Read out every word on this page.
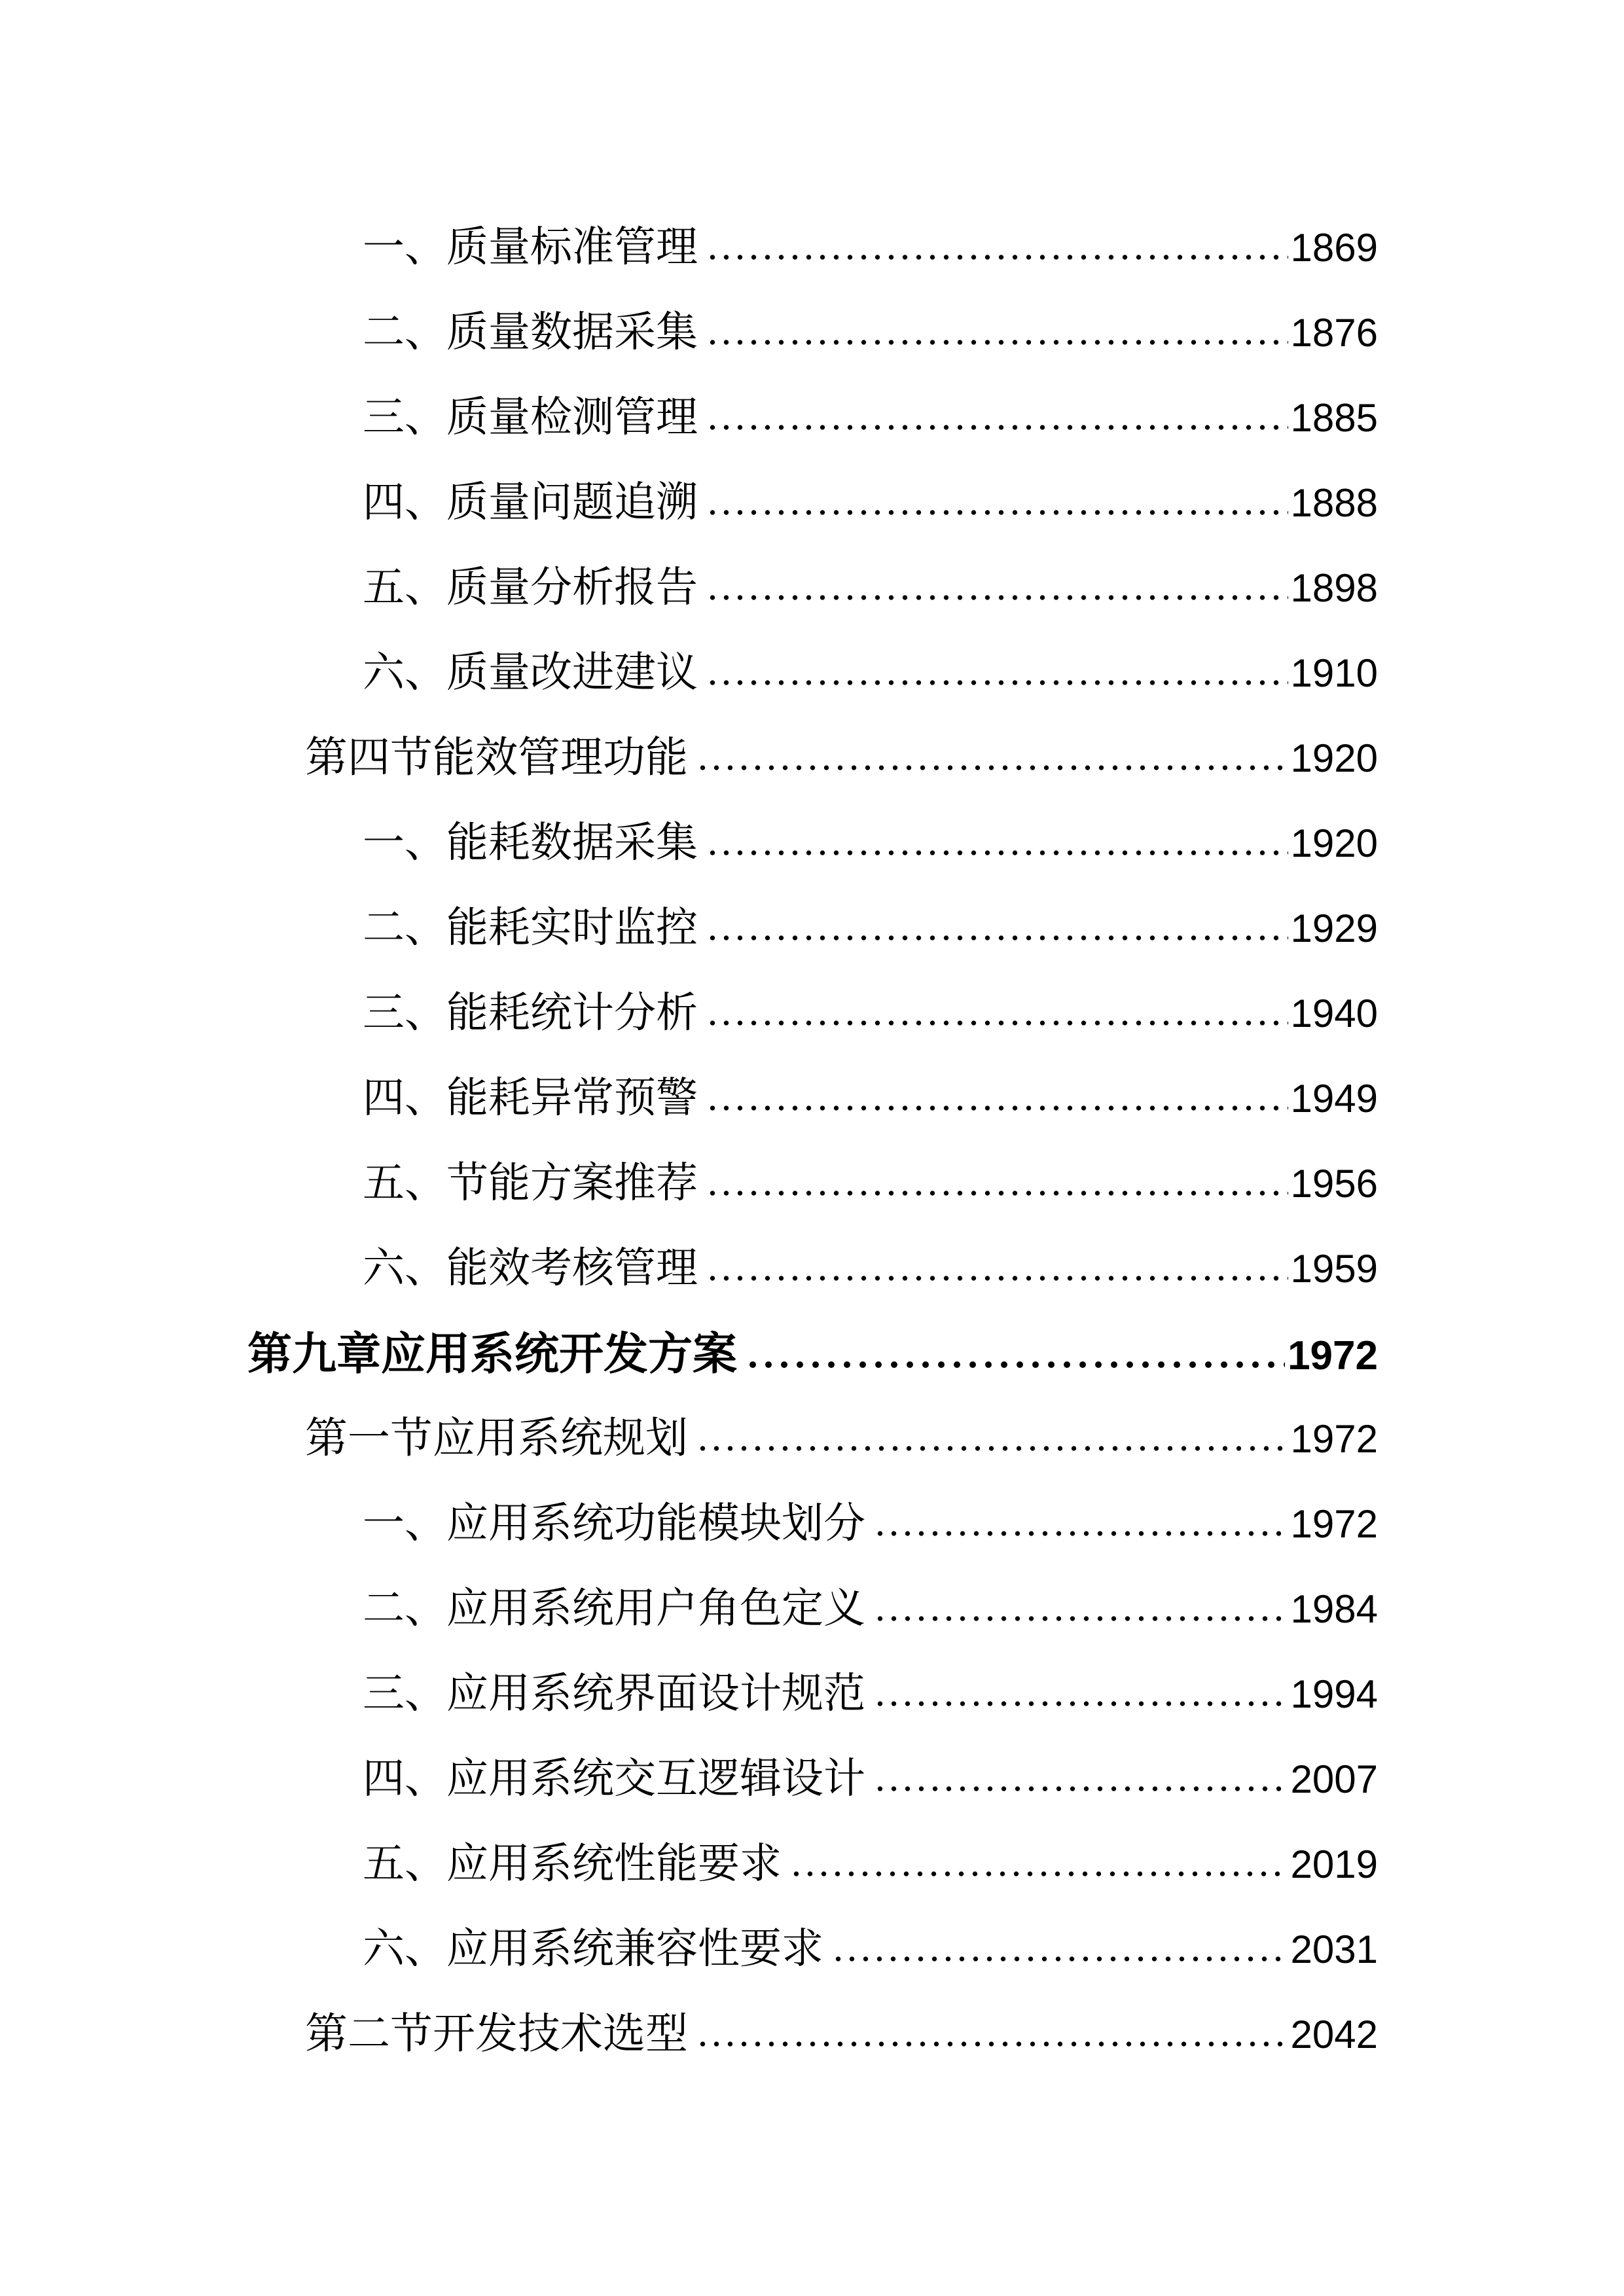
一、质量标准管理	1869
二、质量数据采集	1876
三、质量检测管理	1885
四、质量问题追溯	1888
五、质量分析报告	1898
六、质量改进建议	1910
第四节能效管理功能	1920
一、能耗数据采集	1920
二、能耗实时监控	1929
三、能耗统计分析	1940
四、能耗异常预警	1949
五、节能方案推荐	1956
六、能效考核管理	1959
第九章应用系统开发方案	1972
第一节应用系统规划	1972
一、应用系统功能模块划分	1972
二、应用系统用户角色定义	1984
三、应用系统界面设计规范	1994
四、应用系统交互逻辑设计	2007
五、应用系统性能要求	2019
六、应用系统兼容性要求	2031
第二节开发技术选型	2042
